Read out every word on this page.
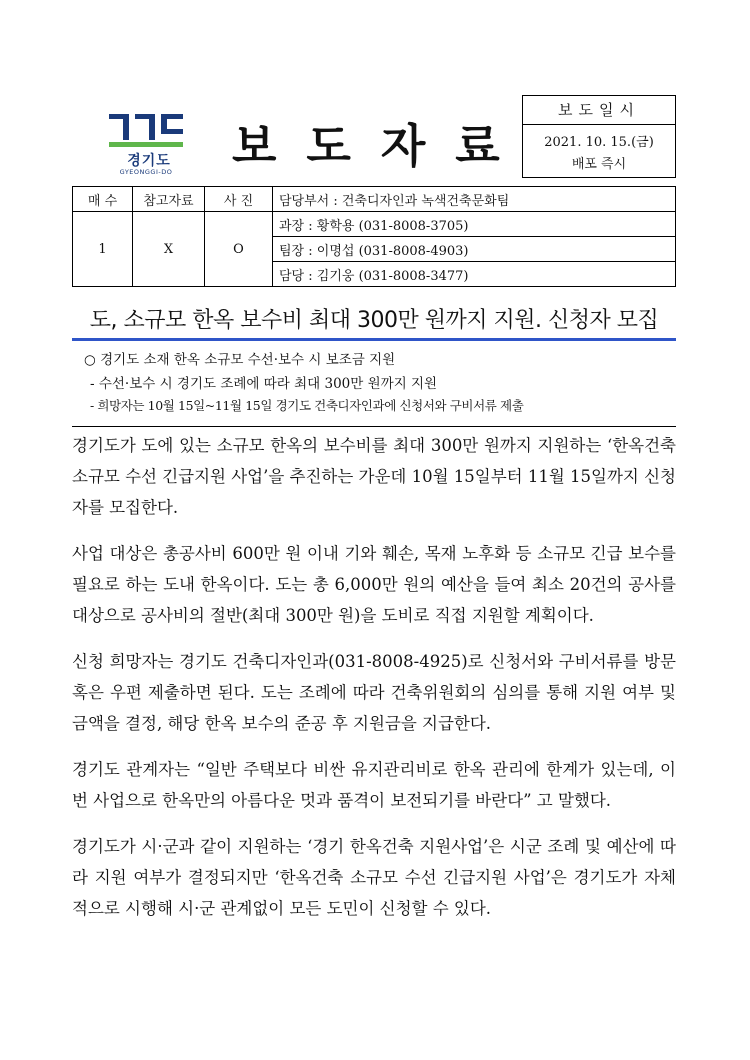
경기도
GYEONGGI-DO	보도자료
보도일시
2021. 10. 15.(금)
배포 즉시
매 수	참고자료	사 진	담당부서 : 건축디자인과 녹색건축문화팀
1	X	O	과장 : 황학용 (031-8008-3705)
			팀장 : 이명섭 (031-8008-4903)
			담당 : 김기웅 (031-8008-3477)
도, 소규모 한옥 보수비 최대 300만 원까지 지원. 신청자 모집
○ 경기도 소재 한옥 소규모 수선·보수 시 보조금 지원
- 수선·보수 시 경기도 조례에 따라 최대 300만 원까지 지원
- 희망자는 10월 15일~11월 15일 경기도 건축디자인과에 신청서와 구비서류 제출

경기도가 도에 있는 소규모 한옥의 보수비를 최대 300만 원까지 지원하는 ‘한옥건축 소규모 수선 긴급지원 사업’을 추진하는 가운데 10월 15일부터 11월 15일까지 신청자를 모집한다.

사업 대상은 총공사비 600만 원 이내 기와 훼손, 목재 노후화 등 소규모 긴급 보수를 필요로 하는 도내 한옥이다. 도는 총 6,000만 원의 예산을 들여 최소 20건의 공사를 대상으로 공사비의 절반(최대 300만 원)을 도비로 직접 지원할 계획이다.

신청 희망자는 경기도 건축디자인과(031-8008-4925)로 신청서와 구비서류를 방문 혹은 우편 제출하면 된다. 도는 조례에 따라 건축위원회의 심의를 통해 지원 여부 및 금액을 결정, 해당 한옥 보수의 준공 후 지원금을 지급한다.

경기도 관계자는 “일반 주택보다 비싼 유지관리비로 한옥 관리에 한계가 있는데, 이번 사업으로 한옥만의 아름다운 멋과 품격이 보전되기를 바란다” 고 말했다.

경기도가 시·군과 같이 지원하는 ‘경기 한옥건축 지원사업’은 시군 조례 및 예산에 따라 지원 여부가 결정되지만 ‘한옥건축 소규모 수선 긴급지원 사업’은 경기도가 자체적으로 시행해 시·군 관계없이 모든 도민이 신청할 수 있다.
